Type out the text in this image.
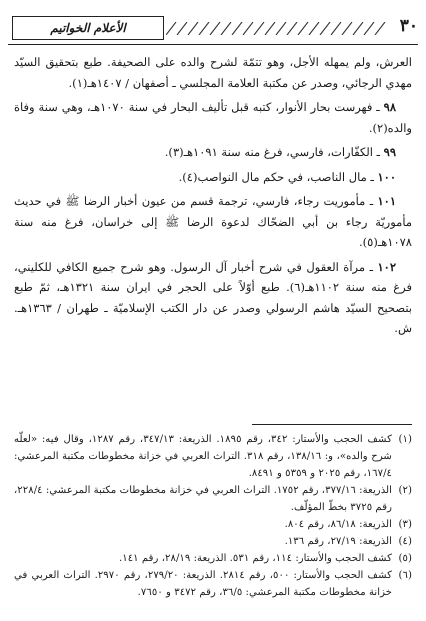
٣٠
الأعلام الخواتيم

العرش، ولم يمهله الأجل، وهو تتمّة لشرح والده على الصحيفة. طبع بتحقيق السيّد مهدي الرجائي، وصدر عن مكتبة العلامة المجلسي ـ أصفهان / ١٤٠٧هـ(١).

٩٨ ـ فهرست بحار الأنوار، كتبه قبل تأليف البحار في سنة ١٠٧٠هـ، وهي سنة وفاة والده(٢).

٩٩ ـ الكفّارات، فارسي، فرغ منه سنة ١٠٩١هـ(٣).

١٠٠ ـ مال الناصب، في حكم مال النواصب(٤).

١٠١ ـ مأموريت رجاء، فارسي، ترجمة قسم من عيون أخبار الرضا ﷺ في حديث مأموريّة رجاء بن أبي الضحّاك لدعوة الرضا ﷺ إلى خراسان، فرغ منه سنة ١٠٧٨هـ(٥).

١٠٢ ـ مرآة العقول في شرح أخبار آل الرسول. وهو شرح جميع الكافي للكليني، فرغ منه سنة ١١٠٢هـ(٦). طبع أوّلاً على الحجر في ايران سنة ١٣٢١هـ، ثمّ طبع بتصحيح السيّد هاشم الرسولي وصدر عن دار الكتب الإسلاميّة ـ طهران / ١٣٦٣هـ. ش.

(١)
كشف الحجب والأستار: ٣٤٢، رقم ١٨٩٥. الذريعة: ٣٤٧/١٣، رقم ١٢٨٧، وقال فيه: «لعلّه شرح والده»، و: ١٣٨/١٦، رقم ٣١٨. التراث العربي في خزانة مخطوطات مكتبة المرعشي: ١٦٧/٤، رقم ٢٠٢٥ و ٥٣٥٩ و ٨٤٩١.
(٢)
الذريعة: ٣٧٧/١٦، رقم ١٧٥٢. التراث العربي في خزانة مخطوطات مكتبة المرعشي: ٢٢٨/٤، رقم ٣٧٢٥ بخطّ المؤلّف.
(٣)
الذريعة: ٨٦/١٨، رقم ٨٠٤.
(٤)
الذريعة: ٢٧/١٩، رقم ١٣٦.
(٥)
كشف الحجب والأستار: ١١٤، رقم ٥٣١. الذريعة: ٢٨/١٩، رقم ١٤١.
(٦)
كشف الحجب والأستار: ٥٠٠، رقم ٢٨١٤. الذريعة: ٢٧٩/٢٠، رقم ٢٩٧٠. التراث العربي في خزانة مخطوطات مكتبة المرعشي: ٣٦/٥، رقم ٣٤٧٢ و ٧٦٥٠.
